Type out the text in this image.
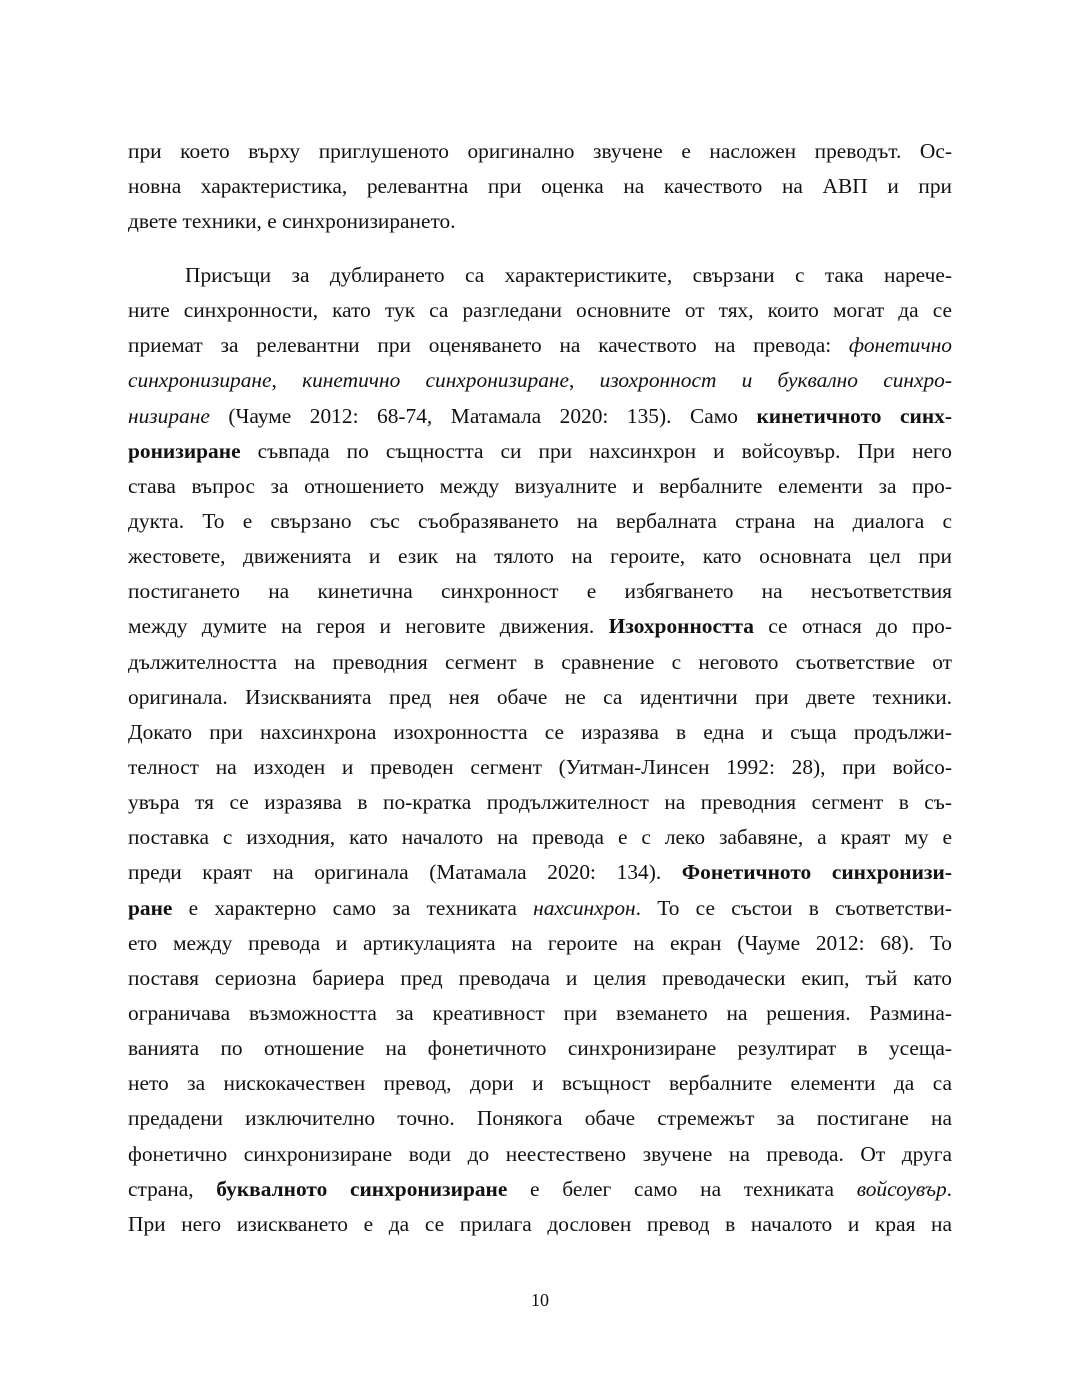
при което върху приглушеното оригинално звучене е насложен преводът. Ос-
новна характеристика, релевантна при оценка на качеството на АВП и при
двете техники, е синхронизирането.
Присъщи за дублирането са характеристиките, свързани с така нарече-
ните синхронности, като тук са разгледани основните от тях, които могат да се
приемат за релевантни при оценяването на качеството на превода: фонетично
синхронизиране, кинетично синхронизиране, изохронност и буквално синхро-
низиране (Чауме 2012: 68-74, Матамала 2020: 135). Само кинетичното синх-
ронизиране съвпада по същността си при нахсинхрон и войсоувър. При него
става въпрос за отношението между визуалните и вербалните елементи за про-
дукта. То е свързано със съобразяването на вербалната страна на диалога с
жестовете, движенията и език на тялото на героите, като основната цел при
постигането на кинетична синхронност е избягването на несъответствия
между думите на героя и неговите движения. Изохронността се отнася до про-
дължителността на преводния сегмент в сравнение с неговото съответствие от
оригинала. Изискванията пред нея обаче не са идентични при двете техники.
Докато при нахсинхрона изохронността се изразява в една и съща продължи-
телност на изходен и преводен сегмент (Уитман-Линсен 1992: 28), при войсо-
увъра тя се изразява в по-кратка продължителност на преводния сегмент в съ-
поставка с изходния, като началото на превода е с леко забавяне, а краят му е
преди краят на оригинала (Матамала 2020: 134). Фонетичното синхронизи-
ране е характерно само за техниката нахсинхрон. То се състои в съответстви-
ето между превода и артикулацията на героите на екран (Чауме 2012: 68). То
поставя сериозна бариера пред преводача и целия преводачески екип, тъй като
ограничава възможността за креативност при вземането на решения. Размина-
ванията по отношение на фонетичното синхронизиране резултират в усеща-
нето за нискокачествен превод, дори и всъщност вербалните елементи да са
предадени изключително точно. Понякога обаче стремежът за постигане на
фонетично синхронизиране води до неестествено звучене на превода. От друга
страна, буквалното синхронизиране е белег само на техниката войсоувър.
При него изискването е да се прилага дословен превод в началото и края на
10
